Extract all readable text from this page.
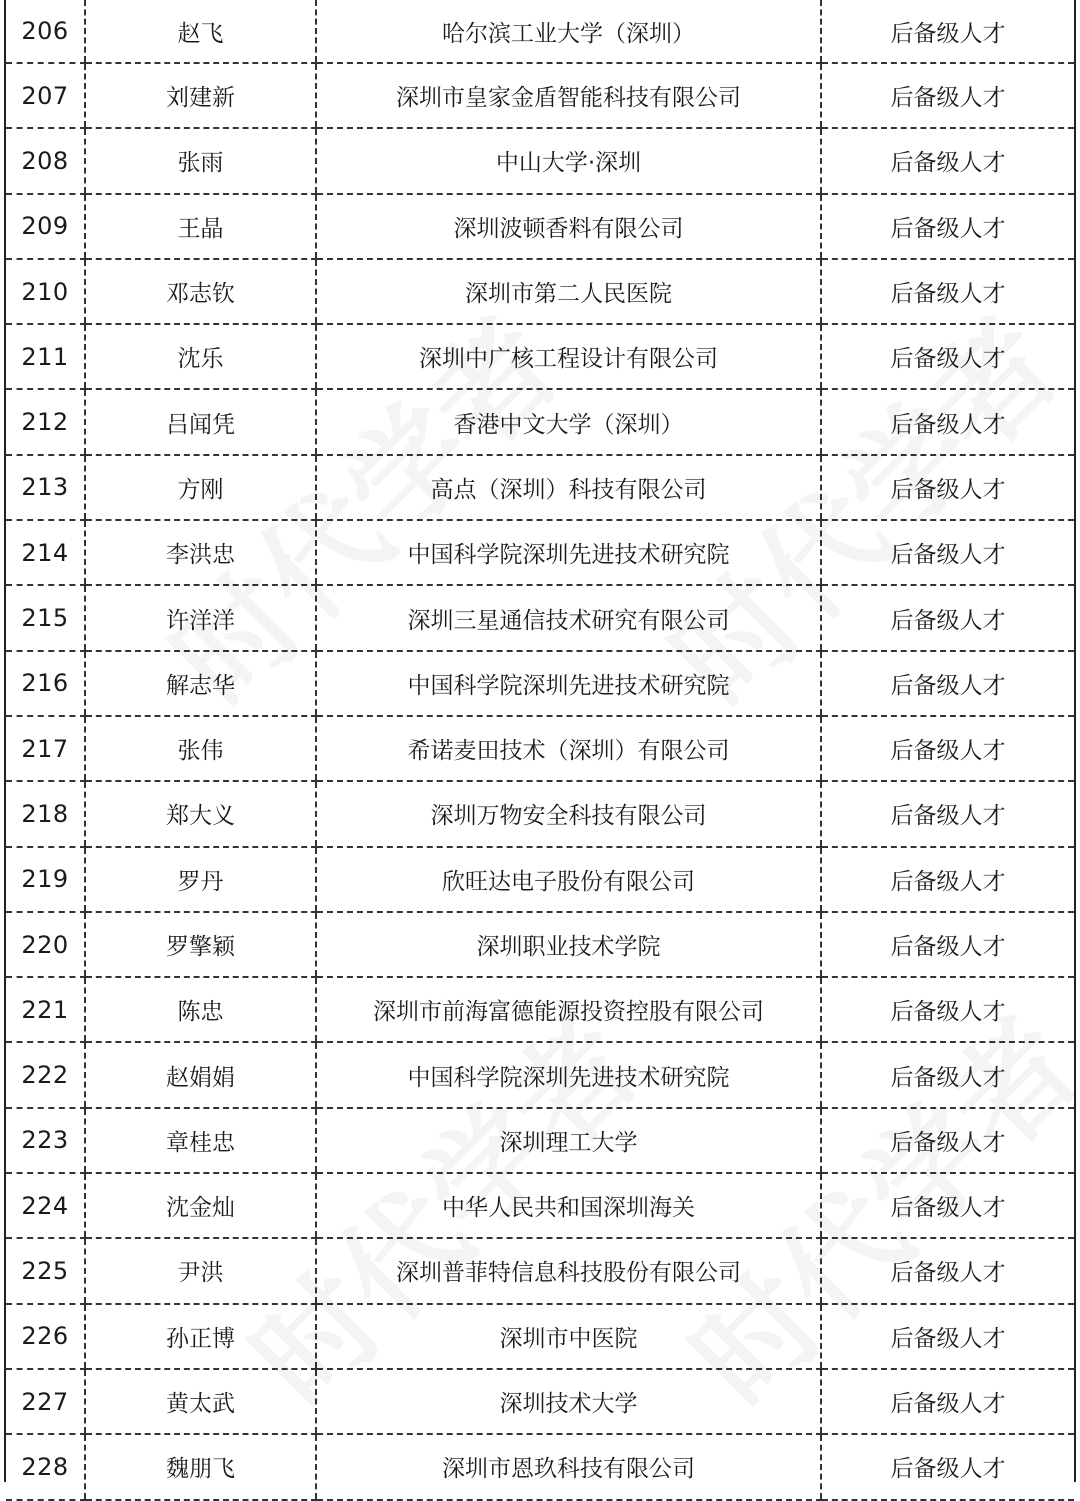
206	赵飞	哈尔滨工业大学（深圳）	后备级人才
207	刘建新	深圳市皇家金盾智能科技有限公司	后备级人才
208	张雨	中山大学·深圳	后备级人才
209	王晶	深圳波顿香料有限公司	后备级人才
210	邓志钦	深圳市第二人民医院	后备级人才
211	沈乐	深圳中广核工程设计有限公司	后备级人才
212	吕闻凭	香港中文大学（深圳）	后备级人才
213	方刚	高点（深圳）科技有限公司	后备级人才
214	李洪忠	中国科学院深圳先进技术研究院	后备级人才
215	许洋洋	深圳三星通信技术研究有限公司	后备级人才
216	解志华	中国科学院深圳先进技术研究院	后备级人才
217	张伟	希诺麦田技术（深圳）有限公司	后备级人才
218	郑大义	深圳万物安全科技有限公司	后备级人才
219	罗丹	欣旺达电子股份有限公司	后备级人才
220	罗擎颖	深圳职业技术学院	后备级人才
221	陈忠	深圳市前海富德能源投资控股有限公司	后备级人才
222	赵娟娟	中国科学院深圳先进技术研究院	后备级人才
223	章桂忠	深圳理工大学	后备级人才
224	沈金灿	中华人民共和国深圳海关	后备级人才
225	尹洪	深圳普菲特信息科技股份有限公司	后备级人才
226	孙正博	深圳市中医院	后备级人才
227	黄太武	深圳技术大学	后备级人才
228	魏朋飞	深圳市恩玖科技有限公司	后备级人才
